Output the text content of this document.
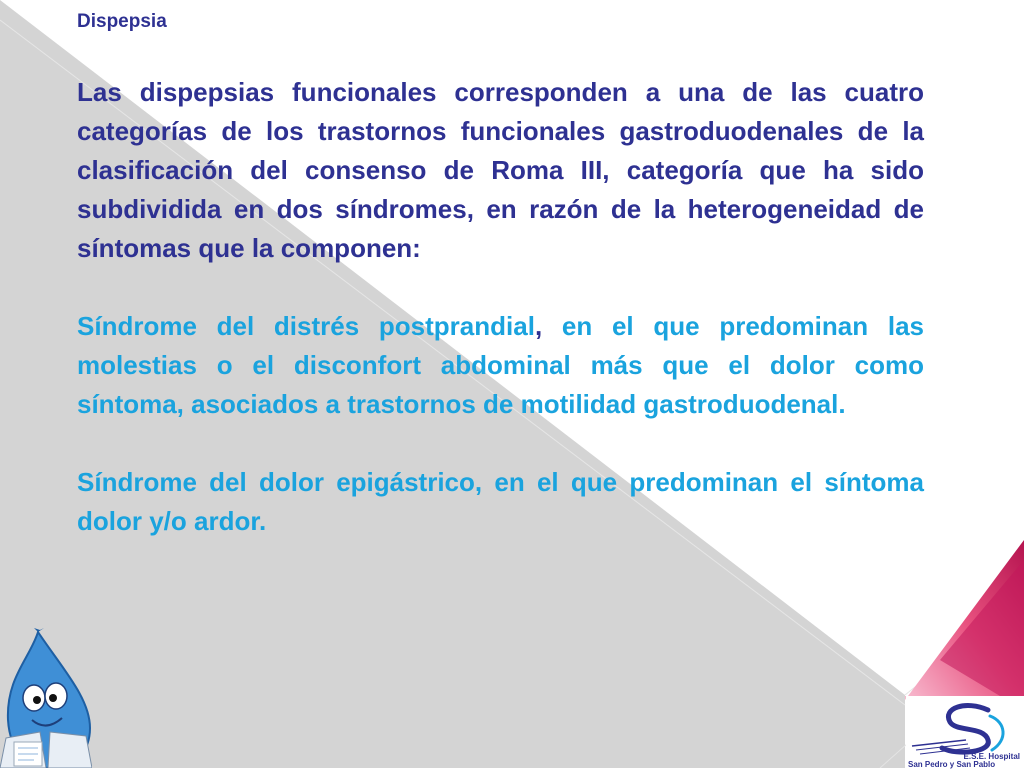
Dispepsia

Las dispepsias funcionales corresponden a una de las cuatro categorías de los trastornos funcionales gastroduodenales de la clasificación del consenso de Roma III, categoría que ha sido subdividida en dos síndromes, en razón de la heterogeneidad de síntomas que la componen:

Síndrome del distrés postprandial, en el que predominan las molestias o el disconfort abdominal más que el dolor como síntoma, asociados a trastornos de motilidad gastroduodenal.

Síndrome del dolor epigástrico, en el que predominan el síntoma dolor y/o ardor.

E.S.E. Hospital
San Pedro y San Pablo
